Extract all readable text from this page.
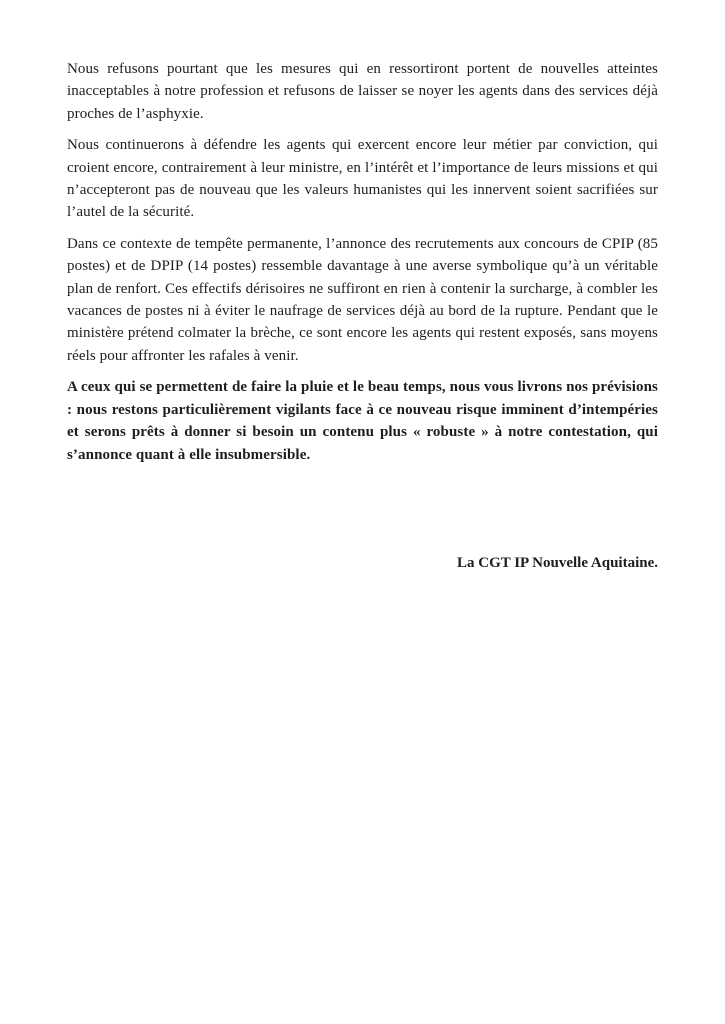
Nous refusons pourtant que les mesures qui en ressortiront portent de nouvelles atteintes inacceptables à notre profession et refusons de laisser se noyer les agents dans des services déjà proches de l’asphyxie.

Nous continuerons à défendre les agents qui exercent encore leur métier par conviction, qui croient encore, contrairement à leur ministre, en l’intérêt et l’importance de leurs missions et qui n’accepteront pas de nouveau que les valeurs humanistes qui les innervent soient sacrifiées sur l’autel de la sécurité.

Dans ce contexte de tempête permanente, l’annonce des recrutements aux concours de CPIP (85 postes) et de DPIP (14 postes) ressemble davantage à une averse symbolique qu’à un véritable plan de renfort. Ces effectifs dérisoires ne suffiront en rien à contenir la surcharge, à combler les vacances de postes ni à éviter le naufrage de services déjà au bord de la rupture. Pendant que le ministère prétend colmater la brèche, ce sont encore les agents qui restent exposés, sans moyens réels pour affronter les rafales à venir.

A ceux qui se permettent de faire la pluie et le beau temps, nous vous livrons nos prévisions : nous restons particulièrement vigilants face à ce nouveau risque imminent d’intempéries et serons prêts à donner si besoin un contenu plus « robuste » à notre contestation, qui s’annonce quant à elle insubmersible.

La CGT IP Nouvelle Aquitaine.
